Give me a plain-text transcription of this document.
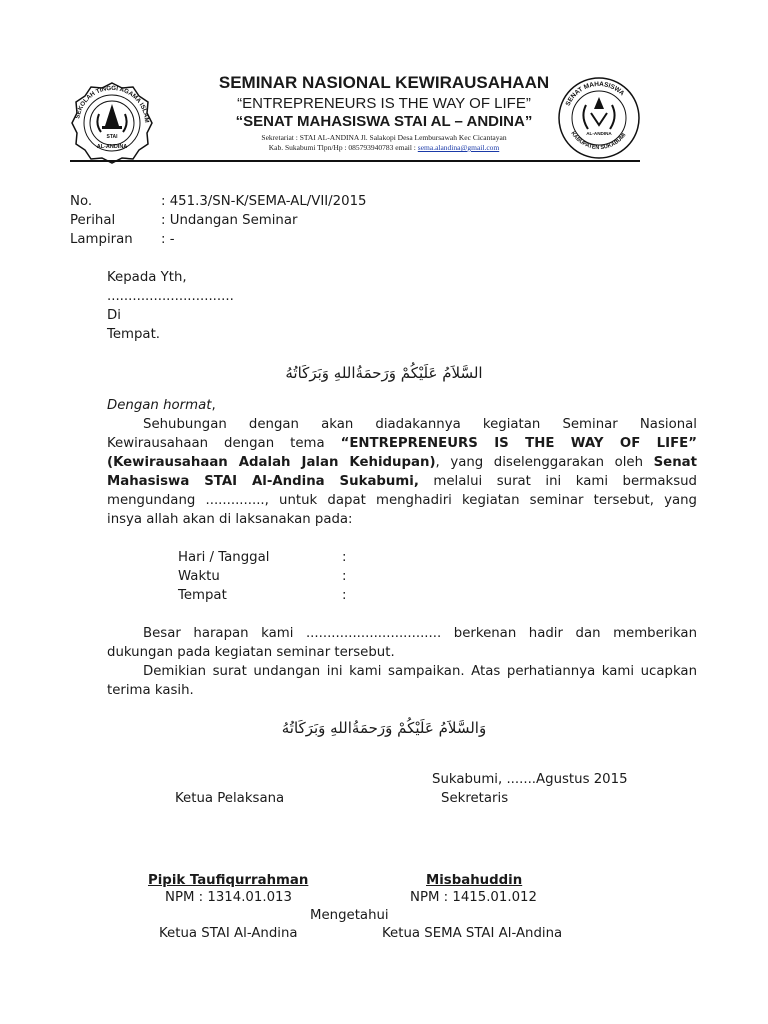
SEKOLAH TINGGI AGAMA ISLAM
STAI
AL-ANDINA
SENAT MAHASISWA
KABUPATEN SUKABUMI
AL-ANDINA
SEMINAR NASIONAL KEWIRAUSAHAAN
“ENTREPRENEURS IS THE WAY OF LIFE”
“SENAT MAHASISWA STAI AL – ANDINA”
Sekretariat : STAI AL-ANDINA Jl. Salakopi Desa Lembursawah Kec Cicantayan
Kab. Sukabumi Tlpn/Hp : 085793940783 email : sema.alandina@gmail.com
No.	: 451.3/SN-K/SEMA-AL/VII/2015
Perihal	: Undangan Seminar
Lampiran : -
Kepada Yth,
..............................
Di
Tempat.
السَّلاَمُ عَلَيْكُمْ وَرَحمَةُاللهِ وَبَرَكَاتُهُ
Dengan hormat,
Sehubungan dengan akan diadakannya kegiatan Seminar Nasional
Kewirausahaan dengan tema “ENTREPRENEURS IS THE WAY OF LIFE”
(Kewirausahaan Adalah Jalan Kehidupan), yang diselenggarakan oleh Senat
Mahasiswa STAI Al-Andina Sukabumi, melalui surat ini kami bermaksud
mengundang .............., untuk dapat menghadiri kegiatan seminar tersebut, yang
insya allah akan di laksanakan pada:
Hari / Tanggal	:
Waktu	:
Tempat	:
Besar harapan kami ................................ berkenan hadir dan memberikan
dukungan pada kegiatan seminar tersebut.
Demikian surat undangan ini kami sampaikan. Atas perhatiannya kami ucapkan
terima kasih.
وَالسَّلاَمُ عَلَيْكُمْ وَرَحمَةُاللهِ وَبَرَكَاتُهُ
Sukabumi, .......Agustus 2015
Ketua Pelaksana	Sekretaris
Pipik Taufiqurrahman	Misbahuddin
NPM : 1314.01.013	NPM : 1415.01.012
Mengetahui
Ketua STAI Al-Andina	Ketua SEMA STAI Al-Andina
